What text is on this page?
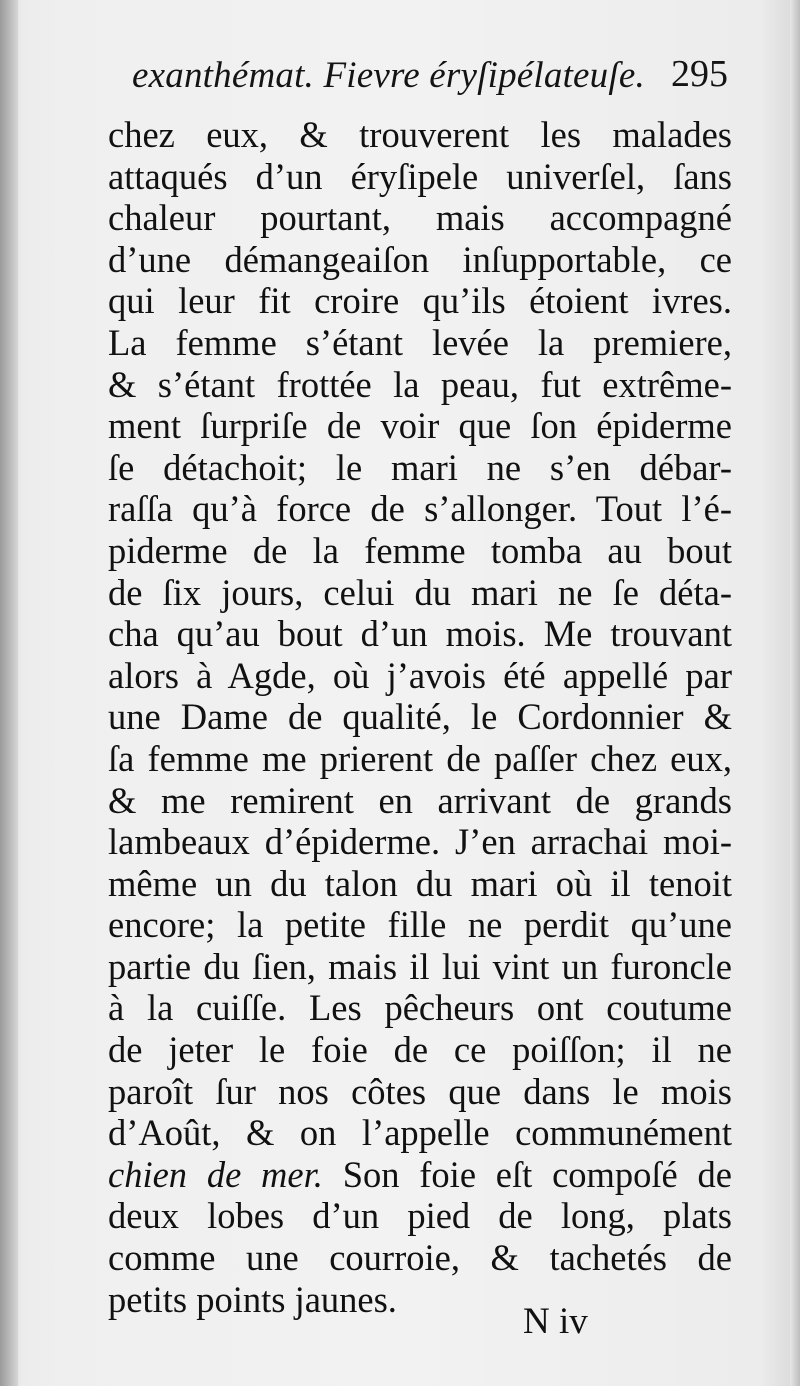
exanthémat. Fievre éryſipélateuſe. 295
chez eux, & trouverent les malades
attaqués d’un éryſipele univerſel, ſans
chaleur pourtant, mais accompagné
d’une démangeaiſon inſupportable, ce
qui leur fit croire qu’ils étoient ivres.
La femme s’étant levée la premiere,
& s’étant frottée la peau, fut extrême-
ment ſurpriſe de voir que ſon épiderme
ſe détachoit; le mari ne s’en débar-
raſſa qu’à force de s’allonger. Tout l’é-
piderme de la femme tomba au bout
de ſix jours, celui du mari ne ſe déta-
cha qu’au bout d’un mois. Me trouvant
alors à Agde, où j’avois été appellé par
une Dame de qualité, le Cordonnier &
ſa femme me prierent de paſſer chez eux,
& me remirent en arrivant de grands
lambeaux d’épiderme. J’en arrachai moi-
même un du talon du mari où il tenoit
encore; la petite fille ne perdit qu’une
partie du ſien, mais il lui vint un furoncle
à la cuiſſe. Les pêcheurs ont coutume
de jeter le foie de ce poiſſon; il ne
paroît ſur nos côtes que dans le mois
d’Août, & on l’appelle communément
chien de mer. Son foie eſt compoſé de
deux lobes d’un pied de long, plats
comme une courroie, & tachetés de
petits points jaunes.
N iv
